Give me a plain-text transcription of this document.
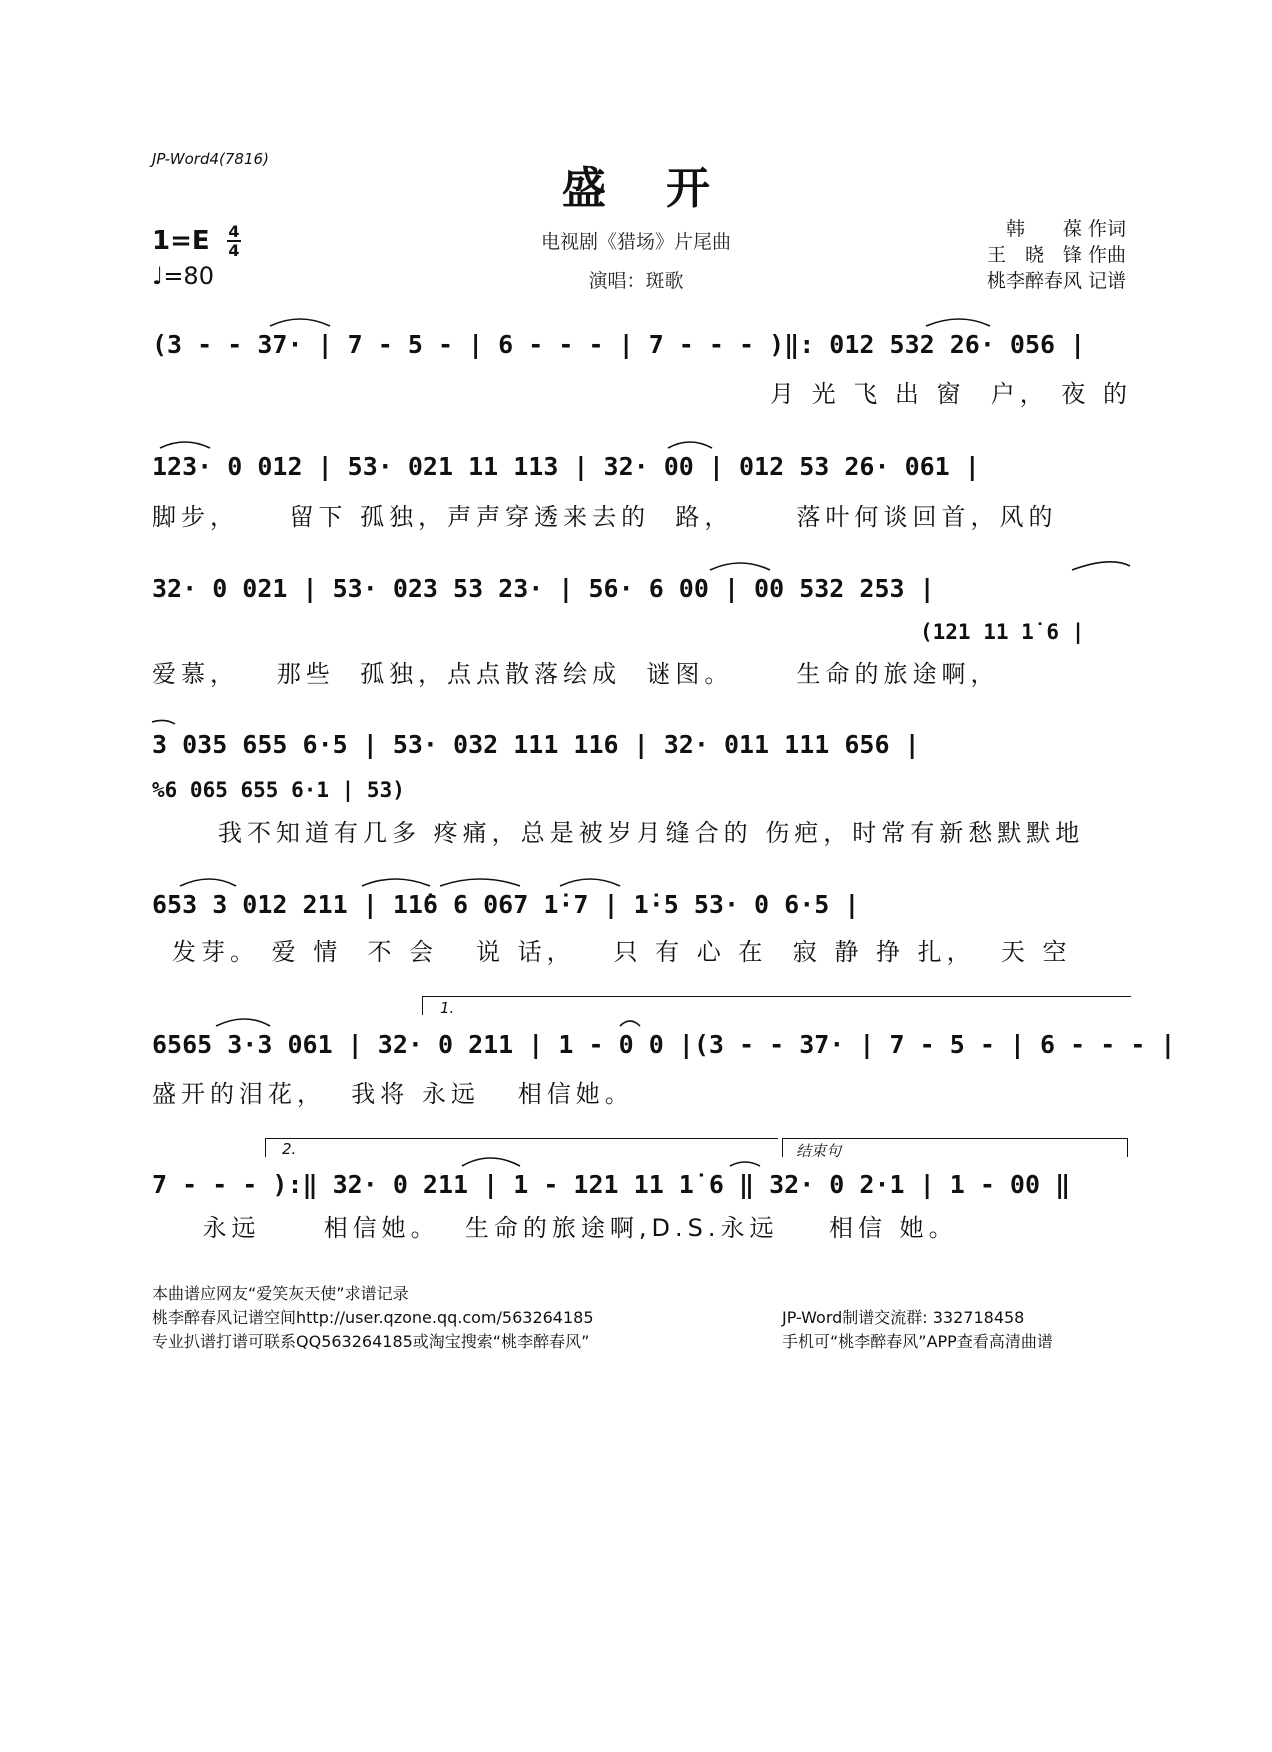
JP-Word4(7816)
盛开
电视剧《猎场》片尾曲
演唱：斑歌
1=E 4
4
♩=80
韩　　葆 作词
王　晓　锋 作曲
桃李醉春风 记谱
(3 - - 37· | 7 - 5 - | 6 - - - | 7 - - - )‖: 012 532 26· 056 |
月 光 飞 出 窗  户， 夜 的
123· 0 012 | 53· 021 11 113 | 32· 00 | 012 53 26· 061 |
脚步，    留下 孤独，声声穿透来去的  路，     落叶何谈回首，风的
32· 0 021 | 53· 023 53 23· | 56· 6 00 | 00 532 253 |
(121 11 1̇ 6 |
爱慕，   那些  孤独，点点散落绘成  谜图。     生命的旅途啊，
3 035 655 6·5 | 53· 032 111 116 | 32· 011 111 656 |
%6 065 655 6·1 | 53)
我不知道有几多 疼痛，总是被岁月缝合的 伤疤，时常有新愁默默地
653 3 012 211 | 11̇6 6 067 1̇·7 | 1̇·5 53· 0 6·5 |
发芽。 爱 情  不 会   说 话，   只 有 心 在  寂 静 挣 扎，  天 空
1.
6565 3·3 061 | 32· 0 211 | 1 - 0 0 |(3 - - 37· | 7 - 5 - | 6 - - - |
盛开的泪花，  我将 永远   相信她。
2.	结束句
7 - - - ):‖ 32· 0 211 | 1 - 121 11 1̇ 6 ‖ 32· 0 2·1 | 1 - 00 ‖
永远     相信她。  生命的旅途啊,D.S.永远    相信 她。
本曲谱应网友“爱笑灰天使”求谱记录
桃李醉春风记谱空间http://user.qzone.qq.com/563264185
专业扒谱打谱可联系QQ563264185或淘宝搜索“桃李醉春风”
JP-Word制谱交流群: 332718458
手机可“桃李醉春风”APP查看高清曲谱
